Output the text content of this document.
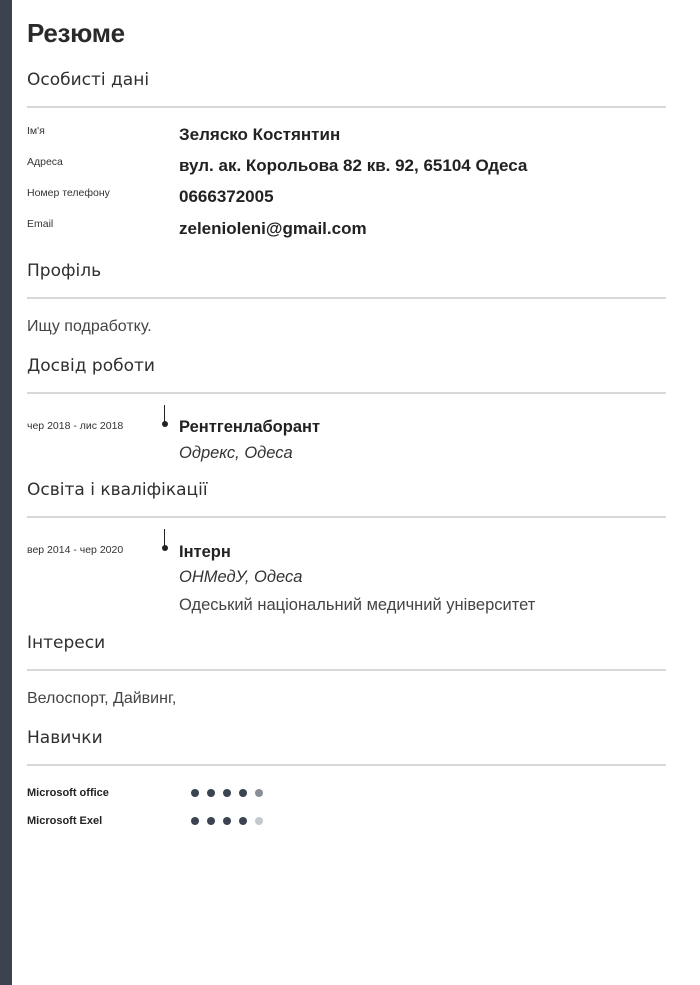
Резюме
Особисті дані
Ім'я	Зеляско Костянтин
Адреса	вул. ак. Корольова 82 кв. 92, 65104 Одеса
Номер телефону	0666372005
Email	zelenioleni@gmail.com
Профіль
Ищу подработку.
Досвід роботи
чер 2018 - лис 2018	Рентгенлаборант
Одрекс, Одеса
Освіта і кваліфікації
вер 2014 - чер 2020	Інтерн
ОНМедУ, Одеса
Одеський національний медичний університет
Інтереси
Велоспорт, Дайвинг,
Навички
Microsoft office
Microsoft Exel
